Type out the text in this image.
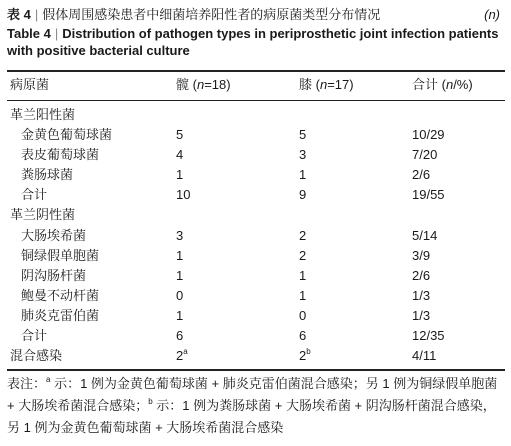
表 4 | 假体周围感染患者中细菌培养阳性者的病原菌类型分布情况	(n)
Table 4 | Distribution of pathogen types in periprosthetic joint infection patients with positive bacterial culture
病原菌	髋 (n=18)	膝 (n=17)	合计 (n/%)
革兰阳性菌
金黄色葡萄球菌	5	5	10/29
表皮葡萄球菌	4	3	7/20
粪肠球菌	1	1	2/6
合计	10	9	19/55
革兰阴性菌
大肠埃希菌	3	2	5/14
铜绿假单胞菌	1	2	3/9
阴沟肠杆菌	1	1	2/6
鲍曼不动杆菌	0	1	1/3
肺炎克雷伯菌	1	0	1/3
合计	6	6	12/35
混合感染	2$^a$	2$^b$	4/11
表注：$^a$ 示：1 例为金黄色葡萄球菌 + 肺炎克雷伯菌混合感染；另 1 例为铜绿假单胞菌 + 大肠埃希菌混合感染；$^b$ 示：1 例为粪肠球菌 + 大肠埃希菌 + 阴沟肠杆菌混合感染，另 1 例为金黄色葡萄球菌 + 大肠埃希菌混合感染
